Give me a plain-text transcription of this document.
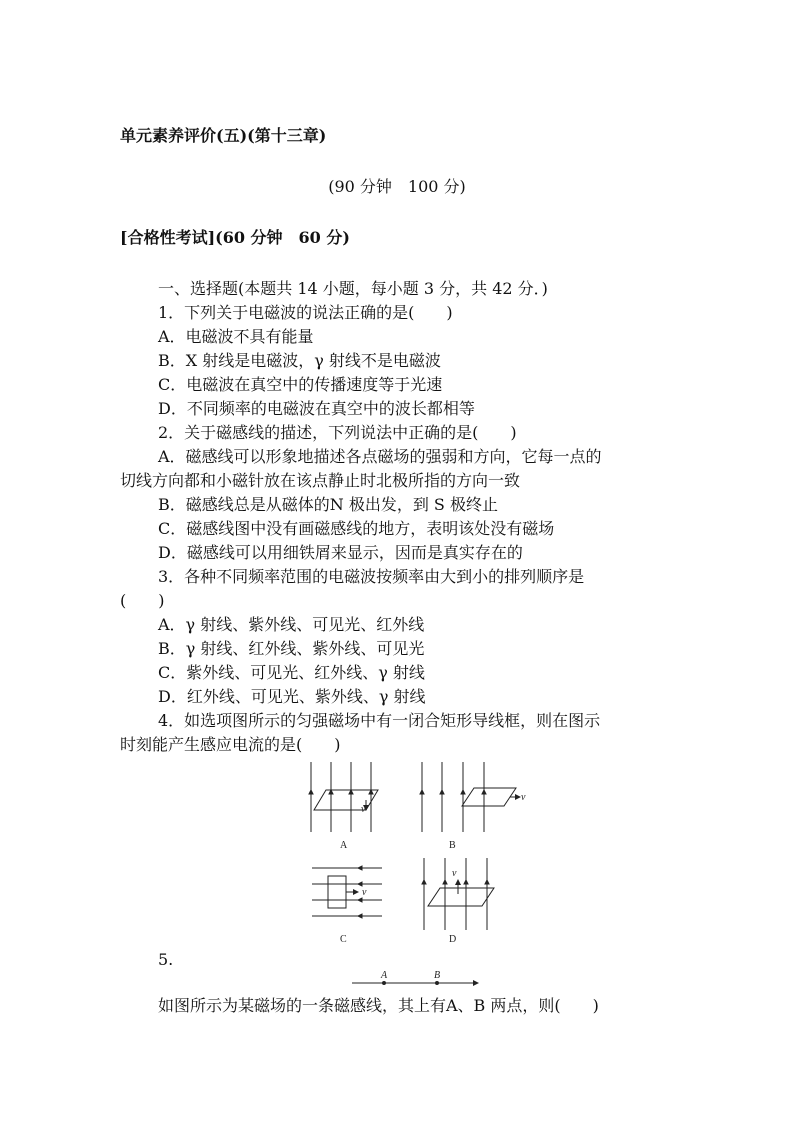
单元素养评价(五)(第十三章)
(90 分钟　100 分)
[合格性考试](60 分钟　60 分)
一、选择题(本题共 14 小题，每小题 3 分，共 42 分．)
1．下列关于电磁波的说法正确的是(　　)
A．电磁波不具有能量
B．X 射线是电磁波，γ 射线不是电磁波
C．电磁波在真空中的传播速度等于光速
D．不同频率的电磁波在真空中的波长都相等
2．关于磁感线的描述，下列说法中正确的是(　　)
A．磁感线可以形象地描述各点磁场的强弱和方向，它每一点的
切线方向都和小磁针放在该点静止时北极所指的方向一致
B．磁感线总是从磁体的N 极出发，到 S 极终止
C．磁感线图中没有画磁感线的地方，表明该处没有磁场
D．磁感线可以用细铁屑来显示，因而是真实存在的
3．各种不同频率范围的电磁波按频率由大到小的排列顺序是
(　　)
A．γ 射线、紫外线、可见光、红外线
B．γ 射线、红外线、紫外线、可见光
C．紫外线、可见光、红外线、γ 射线
D．红外线、可见光、紫外线、γ 射线
4．如选项图所示的匀强磁场中有一闭合矩形导线框，则在图示
时刻能产生感应电流的是(　　)
v
A
v
B
v
C
v
D
A	B
5.
如图所示为某磁场的一条磁感线，其上有A、B 两点，则(　　)
